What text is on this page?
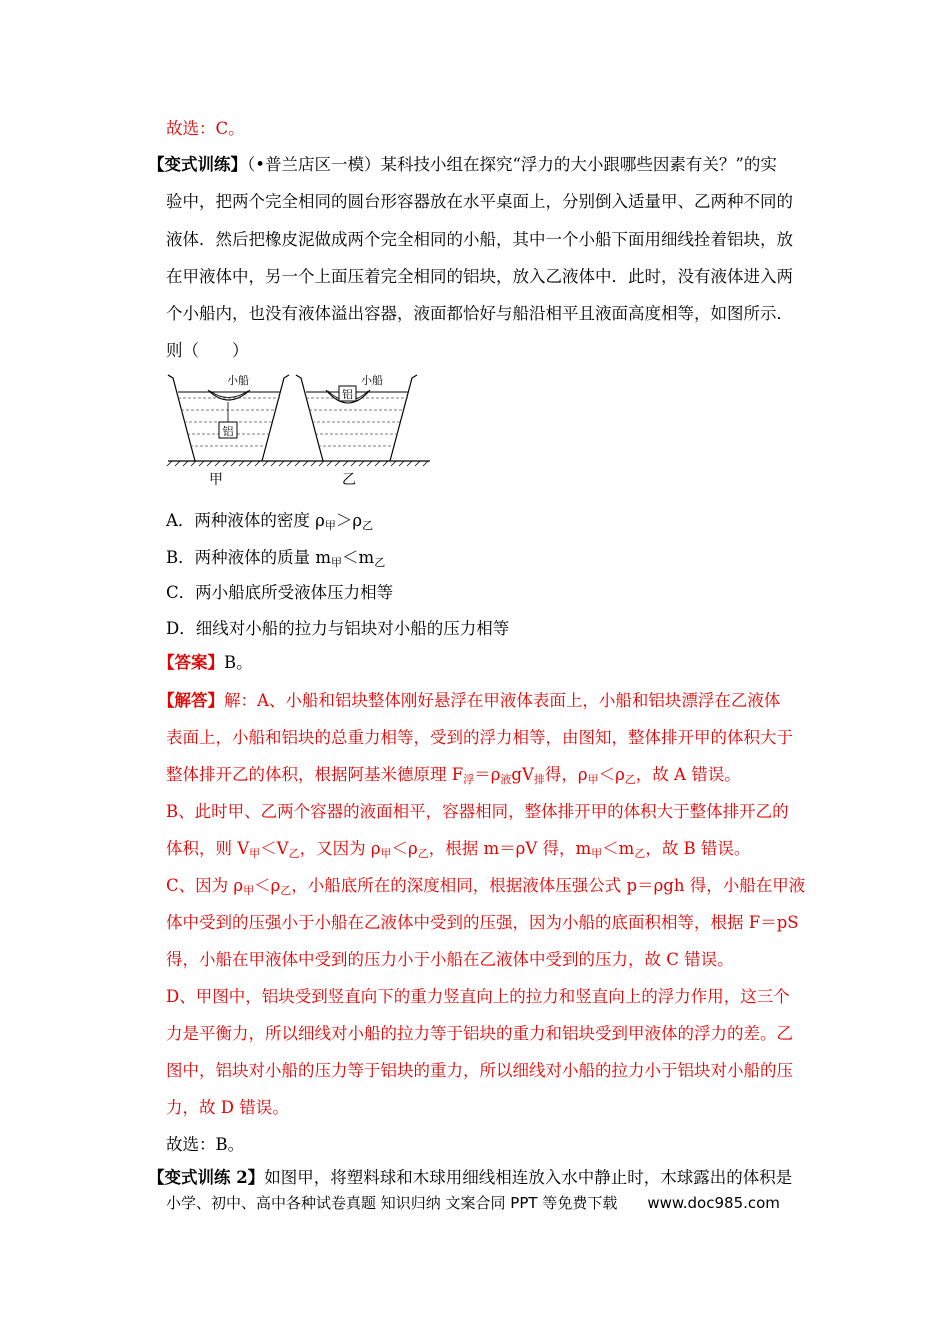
故选：C。
【变式训练】（•普兰店区一模）某科技小组在探究“浮力的大小跟哪些因素有关？”的实
验中，把两个完全相同的圆台形容器放在水平桌面上，分别倒入适量甲、乙两种不同的
液体．然后把橡皮泥做成两个完全相同的小船，其中一个小船下面用细线拴着铝块，放
在甲液体中，另一个上面压着完全相同的铝块，放入乙液体中．此时，没有液体进入两
个小船内，也没有液体溢出容器，液面都恰好与船沿相平且液面高度相等，如图所示．
则（　　）
铝
小船
铝
小船
甲	乙
A．两种液体的密度 $\rho_甲>\rho_乙$
B．两种液体的质量 $m_甲<m_乙$
C．两小船底所受液体压力相等
D．细线对小船的拉力与铝块对小船的压力相等
【答案】B。
【解答】解：A、小船和铝块整体刚好悬浮在甲液体表面上，小船和铝块漂浮在乙液体
表面上，小船和铝块的总重力相等，受到的浮力相等，由图知，整体排开甲的体积大于
整体排开乙的体积，根据阿基米德原理 $F_浮=\rho_液gV_排$得，$\rho_甲<\rho_乙$，故 A 错误。
B、此时甲、乙两个容器的液面相平，容器相同，整体排开甲的体积大于整体排开乙的
体积，则 $V_甲<V_乙$，又因为 $\rho_甲<\rho_乙$，根据 m＝ρV 得，$m_甲<m_乙$，故 B 错误。
C、因为 $\rho_甲<\rho_乙$，小船底所在的深度相同，根据液体压强公式 p＝ρgh 得，小船在甲液
体中受到的压强小于小船在乙液体中受到的压强，因为小船的底面积相等，根据 F＝pS
得，小船在甲液体中受到的压力小于小船在乙液体中受到的压力，故 C 错误。
D、甲图中，铝块受到竖直向下的重力竖直向上的拉力和竖直向上的浮力作用，这三个
力是平衡力，所以细线对小船的拉力等于铝块的重力和铝块受到甲液体的浮力的差。乙
图中，铝块对小船的压力等于铝块的重力，所以细线对小船的拉力小于铝块对小船的压
力，故 D 错误。
故选：B。
【变式训练 2】如图甲，将塑料球和木球用细线相连放入水中静止时，木球露出的体积是
小学、初中、高中各种试卷真题 知识归纳 文案合同 PPT 等免费下载 www.doc985.com
